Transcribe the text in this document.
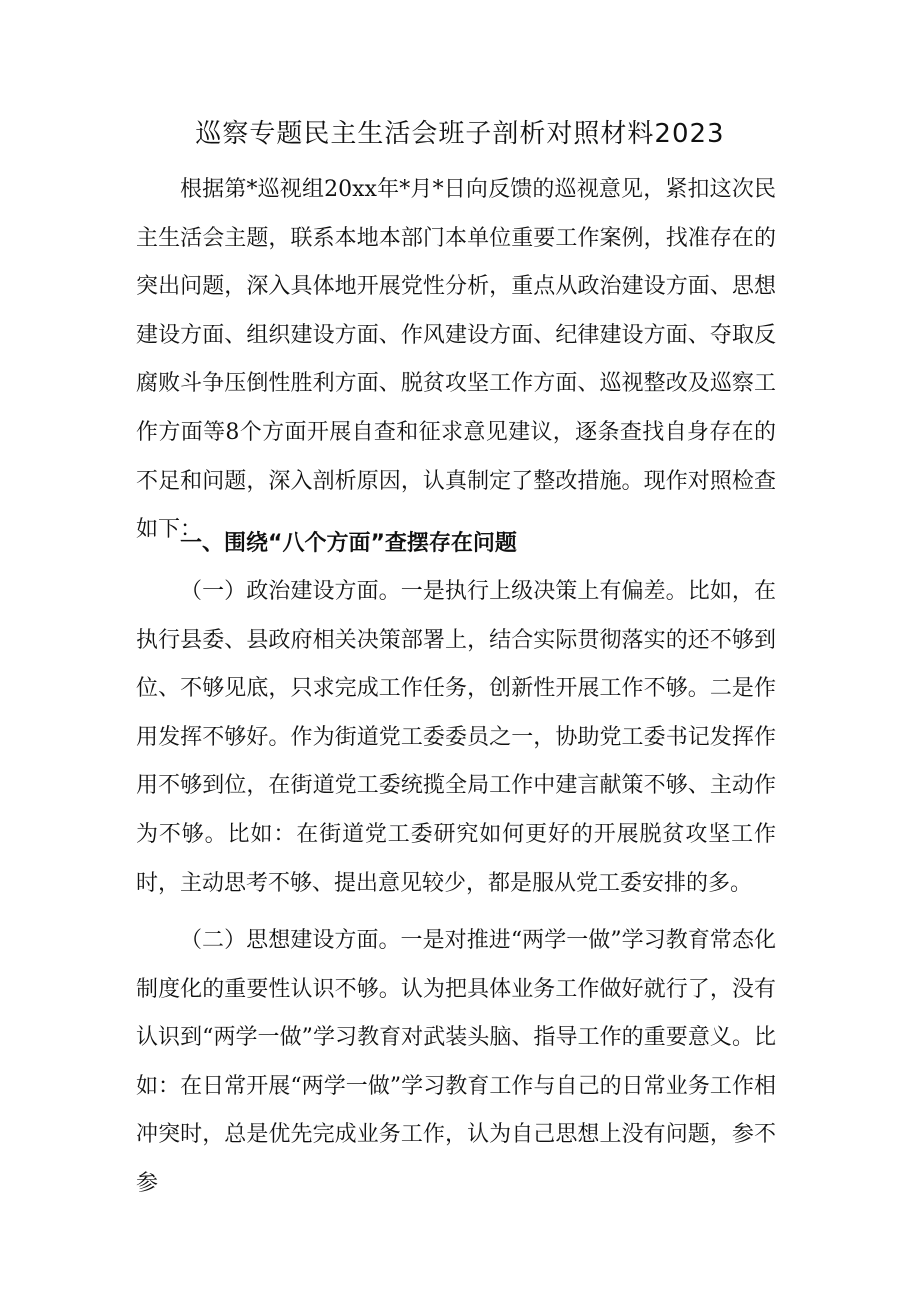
巡察专题民主生活会班子剖析对照材料2023

根据第*巡视组20xx年*月*日向反馈的巡视意见，紧扣这次民主生活会主题，联系本地本部门本单位重要工作案例，找准存在的突出问题，深入具体地开展党性分析，重点从政治建设方面、思想建设方面、组织建设方面、作风建设方面、纪律建设方面、夺取反腐败斗争压倒性胜利方面、脱贫攻坚工作方面、巡视整改及巡察工作方面等8个方面开展自查和征求意见建议，逐条查找自身存在的不足和问题，深入剖析原因，认真制定了整改措施。现作对照检查如下：

一、围绕“八个方面”查摆存在问题

（一）政治建设方面。一是执行上级决策上有偏差。比如，在执行县委、县政府相关决策部署上，结合实际贯彻落实的还不够到位、不够见底，只求完成工作任务，创新性开展工作不够。二是作用发挥不够好。作为街道党工委委员之一，协助党工委书记发挥作用不够到位，在街道党工委统揽全局工作中建言献策不够、主动作为不够。比如：在街道党工委研究如何更好的开展脱贫攻坚工作时，主动思考不够、提出意见较少，都是服从党工委安排的多。

（二）思想建设方面。一是对推进“两学一做”学习教育常态化制度化的重要性认识不够。认为把具体业务工作做好就行了，没有认识到“两学一做”学习教育对武装头脑、指导工作的重要意义。比如：在日常开展“两学一做”学习教育工作与自己的日常业务工作相冲突时，总是优先完成业务工作，认为自己思想上没有问题，参不参
